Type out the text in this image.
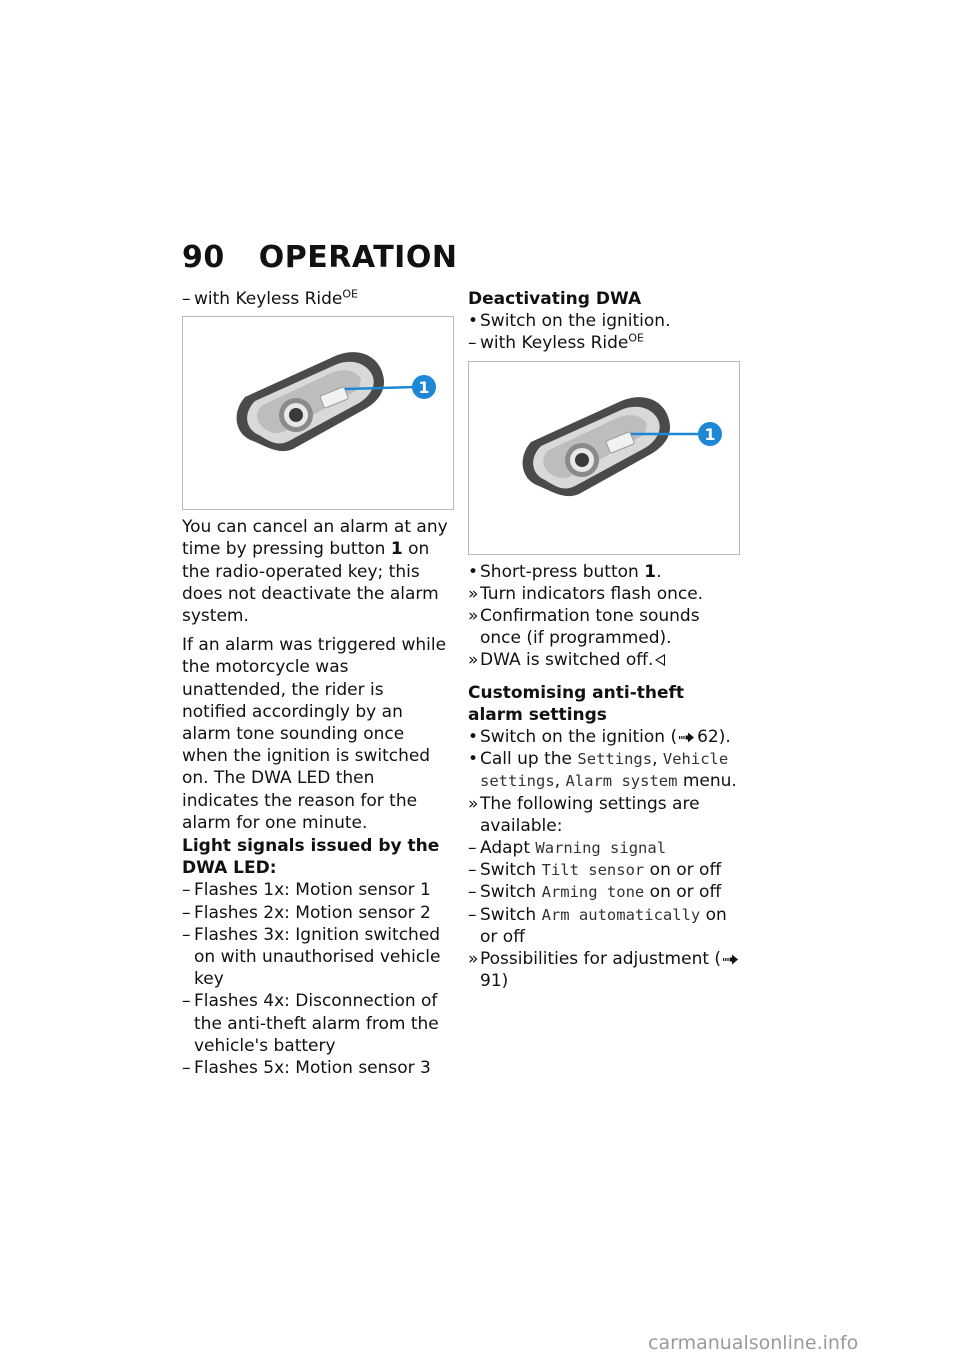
90 OPERATION
– with Keyless Ride$^{OE}$
1

You can cancel an alarm at any time by pressing button 1 on the radio-operated key; this does not deactivate the alarm system.

If an alarm was triggered while the motorcycle was unattended, the rider is notified accordingly by an alarm tone sounding once when the ignition is switched on. The DWA LED then indicates the reason for the alarm for one minute.

Light signals issued by the DWA LED:

– Flashes 1x: Motion sensor 1
– Flashes 2x: Motion sensor 2
– Flashes 3x: Ignition switched on with unauthorised vehicle key
– Flashes 4x: Disconnection of the anti-theft alarm from the vehicle's battery
– Flashes 5x: Motion sensor 3

Deactivating DWA

• Switch on the ignition.
– with Keyless Ride$^{OE}$
1
• Short-press button 1.
» Turn indicators flash once.
» Confirmation tone sounds once (if programmed).
» DWA is switched off.

Customising anti-theft alarm settings

• Switch on the ignition ( 62).
• Call up the Settings, Vehicle settings, Alarm system menu.
» The following settings are available:
– Adapt Warning signal
– Switch Tilt sensor on or off
– Switch Arming tone on or off
– Switch Arm automatically on or off
» Possibilities for adjustment (91)
carmanualsonline.info
